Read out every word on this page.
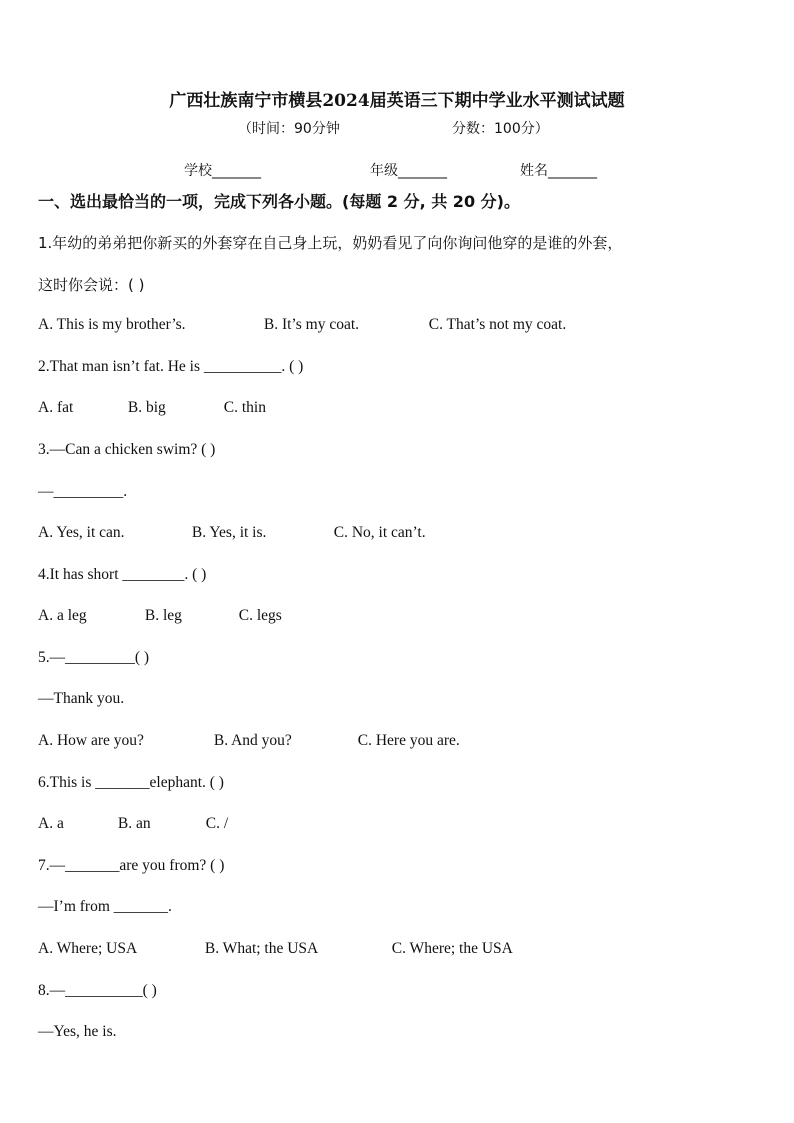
广西壮族南宁市横县2024届英语三下期中学业水平测试试题
（时间：90分钟	分数：100分）
学校_______	年级_______	姓名_______
一、选出最恰当的一项，完成下列各小题。(每题 2 分, 共 20 分)。
1.年幼的弟弟把你新买的外套穿在自己身上玩，奶奶看见了向你询问他穿的是谁的外套，
这时你会说：( )
A. This is my brother’s.	B. It’s my coat.	C. That’s not my coat.
2.That man isn’t fat. He is __________. ( )
A. fat	B. big	C. thin
3.—Can a chicken swim? ( )
—_________.
A. Yes, it can.	B. Yes, it is.	C. No, it can’t.
4.It has short ________. ( )
A. a leg	B. leg	C. legs
5.—_________( )
—Thank you.
A. How are you?	B. And you?	C. Here you are.
6.This is _______elephant. ( )
A. a	B. an	C. /
7.—_______are you from? ( )
—I’m from _______.
A. Where; USA	B. What; the USA	C. Where; the USA
8.—__________( )
—Yes, he is.
